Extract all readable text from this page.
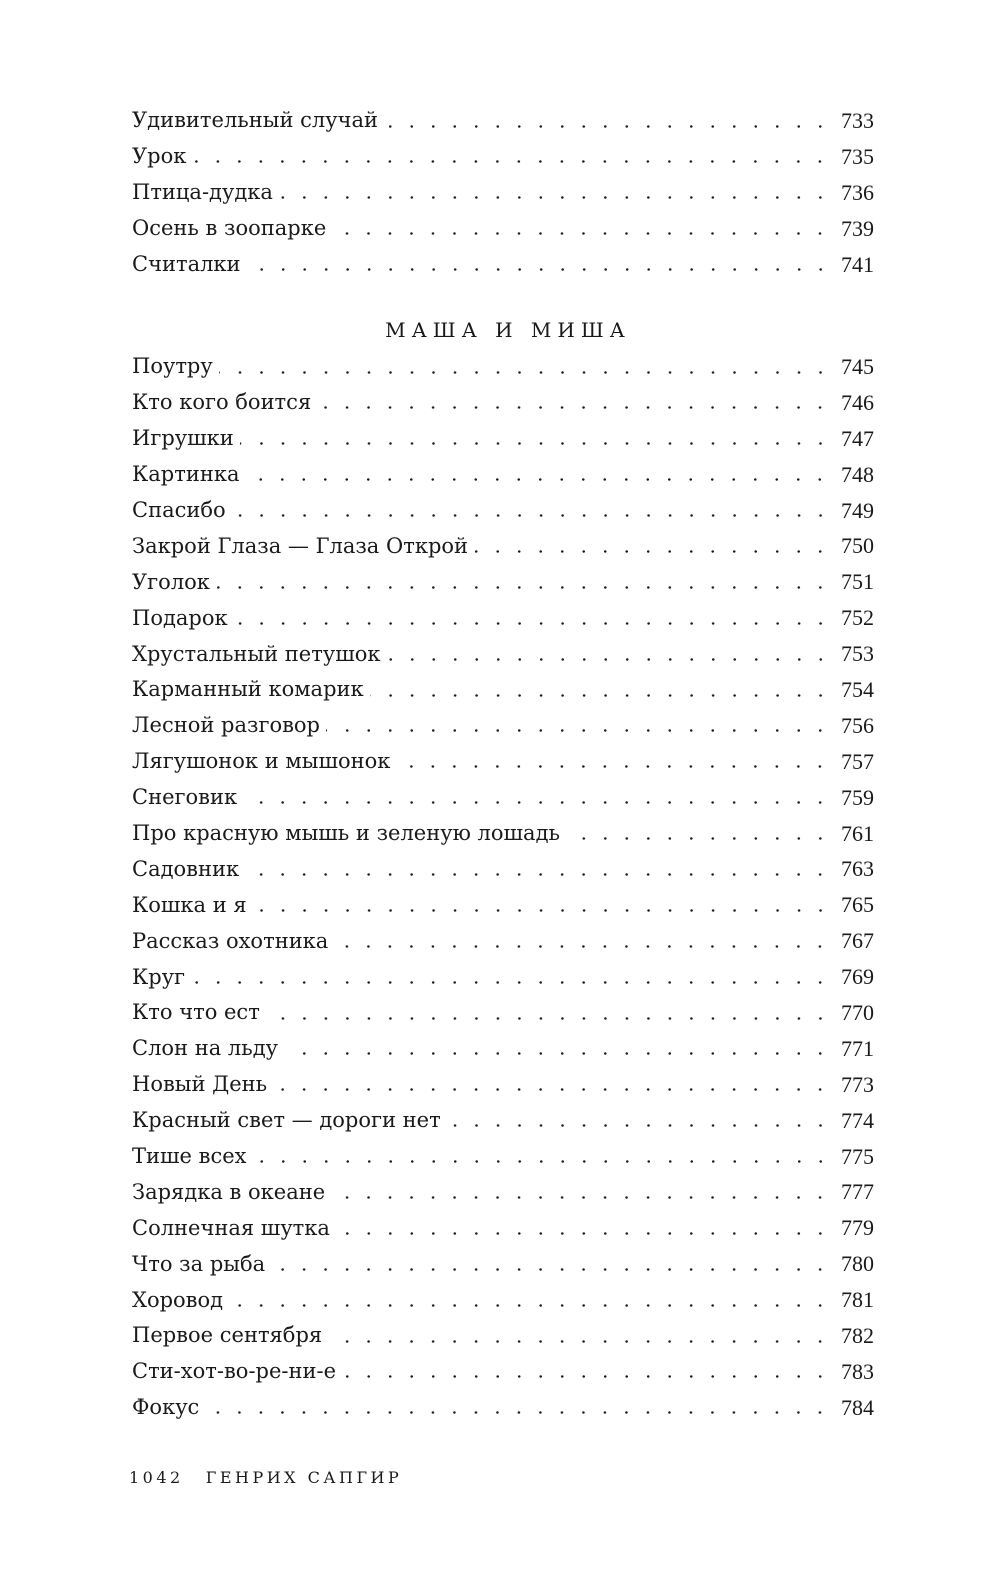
Удивительный случай	733
Урок	735
Птица-дудка	736
Осень в зоопарке	739
Считалки	741
МАША И МИША
Поутру	745
Кто кого боится	746
Игрушки	747
Картинка	748
Спасибо	749
Закрой Глаза — Глаза Открой	750
Уголок	751
Подарок	752
Хрустальный петушок	753
Карманный комарик	754
Лесной разговор	756
Лягушонок и мышонок	757
Снеговик	759
Про красную мышь и зеленую лошадь	761
Садовник	763
Кошка и я	765
Рассказ охотника	767
Круг	769
Кто что ест	770
Слон на льду	771
Новый День	773
Красный свет — дороги нет	774
Тише всех	775
Зарядка в океане	777
Солнечная шутка	779
Что за рыба	780
Хоровод	781
Первое сентября	782
Сти-хот-во-ре-ни-е	783
Фокус	784
1042 ГЕНРИХ САПГИР
